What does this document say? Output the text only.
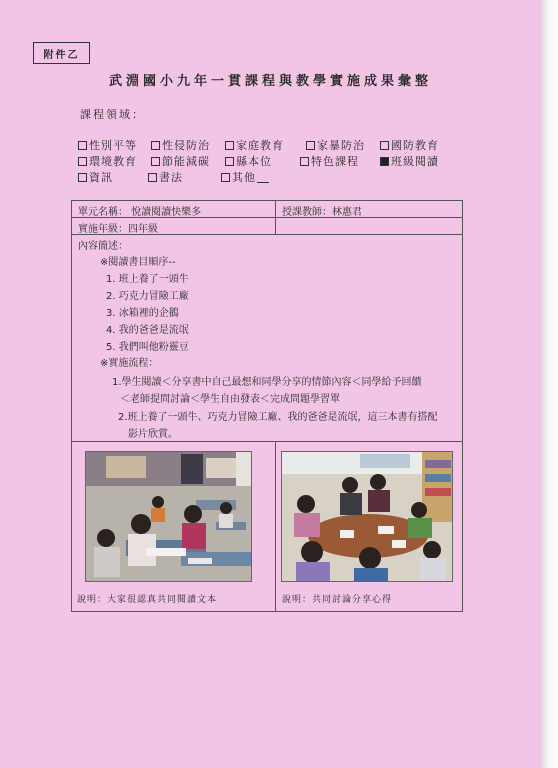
附件乙
武淵國小九年一貫課程與教學實施成果彙整
課程領域：
性別平等 性侵防治 家庭教育	家暴防治 國防教育
環境教育 節能減碳 縣本位	特色課程	班級閱讀
資訊	書法	其他
單元名稱： 悅讀閱讀快樂多	授課教師：林惠君
實施年級：四年級
內容簡述：
※閱讀書目順序--
1. 班上養了一頭牛
2. 巧克力冒險工廠
3. 冰箱裡的企鵝
4. 我的爸爸是流氓
5. 我們叫他粉靈豆
※實施流程：
1.學生閱讀＜分享書中自己最想和同學分享的情節內容＜同學給予回饋
＜老師提問討論＜學生自由發表＜完成問題學習單
2.班上養了一頭牛、巧克力冒險工廠、我的爸爸是流氓，這三本書有搭配
影片欣賞。
說明：大家很認真共同閱讀文本	說明：共同討論分享心得
